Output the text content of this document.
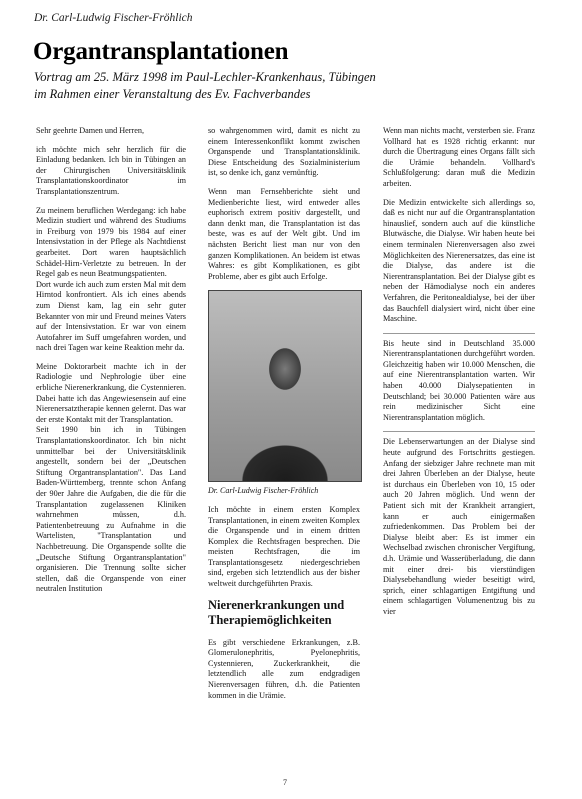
Dr. Carl-Ludwig Fischer-Fröhlich
Organtransplantationen
Vortrag am 25. März 1998 im Paul-Lechler-Krankenhaus, Tübingen
im Rahmen einer Veranstaltung des Ev. Fachverbandes

Sehr geehrte Damen und Herren,

ich möchte mich sehr herzlich für die Einladung bedanken. Ich bin in Tübingen an der Chirurgischen Universitätsklinik Transplantationskoordinator im Transplantationszentrum.

Zu meinem beruflichen Werdegang: ich habe Medizin studiert und während des Studiums in Freiburg von 1979 bis 1984 auf einer Intensivstation in der Pflege als Nachtdienst gearbeitet. Dort waren hauptsächlich Schädel-Hirn-Verletzte zu betreuen. In der Regel gab es neun Beatmungspatienten.

Dort wurde ich auch zum ersten Mal mit dem Hirntod konfrontiert. Als ich eines abends zum Dienst kam, lag ein sehr guter Bekannter von mir und Freund meines Vaters auf der Intensivstation. Er war von einem Autofahrer im Suff umgefahren worden, und nach drei Tagen war keine Reaktion mehr da.

Meine Doktorarbeit machte ich in der Radiologie und Nephrologie über eine erbliche Nierenerkrankung, die Cystennieren. Dabei hatte ich das Angewiesensein auf eine Nierenersatztherapie kennen gelernt. Das war der erste Kontakt mit der Transplantation.

Seit 1990 bin ich in Tübingen Transplantationskoordinator. Ich bin nicht unmittelbar bei der Universitätsklinik angestellt, sondern bei der „Deutschen Stiftung Organtransplantation". Das Land Baden-Württemberg, trennte schon Anfang der 90er Jahre die Aufgaben, die die für die Transplantation zugelassenen Kliniken wahrnehmen müssen, d.h. Patientenbetreuung zu Aufnahme in die Wartelisten, "Transplantation und Nachbetreuung. Die Organspende sollte die „Deutsche Stiftung Organtransplantation" organisieren. Die Trennung sollte sicher stellen, daß die Organspende von einer neutralen Institution

so wahrgenommen wird, damit es nicht zu einem Interessenkonflikt kommt zwischen Organspende und Transplantationsklinik. Diese Entscheidung des Sozialministerium ist, so denke ich, ganz vernünftig.

Wenn man Fernsehberichte sieht und Medienberichte liest, wird entweder alles euphorisch extrem positiv dargestellt, und dann denkt man, die Transplantation ist das beste, was es auf der Welt gibt. Und im nächsten Bericht liest man nur von den ganzen Komplikationen. An beidem ist etwas Wahres: es gibt Komplikationen, es gibt Probleme, aber es gibt auch Erfolge.

Dr. Carl-Ludwig Fischer-Fröhlich

Ich möchte in einem ersten Komplex Transplantationen, in einem zweiten Komplex die Organspende und in einem dritten Komplex die Rechtsfragen besprechen. Die meisten Rechtsfragen, die im Transplantationsgesetz niedergeschrieben sind, ergeben sich letztendlich aus der bisher weltweit durchgeführten Praxis.

Nierenerkrankungen und Therapiemöglichkeiten

Es gibt verschiedene Erkrankungen, z.B. Glomerulonephritis, Pyelonephritis, Cystennieren, Zuckerkrankheit, die letztendlich alle zum endgradigen Nierenversagen führen, d.h. die Patienten kommen in die Urämie.

Wenn man nichts macht, versterben sie. Franz Vollhard hat es 1928 richtig erkannt: nur durch die Übertragung eines Organs fällt sich die Urämie behandeln. Vollhard's Schlußfolgerung: daran muß die Medizin arbeiten.

Die Medizin entwickelte sich allerdings so, daß es nicht nur auf die Organtransplantation hinauslief, sondern auch auf die künstliche Blutwäsche, die Dialyse. Wir haben heute bei einem terminalen Nierenversagen also zwei Möglichkeiten des Nierenersatzes, das eine ist die Dialyse, das andere ist die Nierentransplantation. Bei der Dialyse gibt es neben der Hämodialyse noch ein anderes Verfahren, die Peritonealdialyse, bei der über das Bauchfell dialysiert wird, nicht über eine Maschine.

Bis heute sind in Deutschland 35.000 Nierentransplantationen durchgeführt worden. Gleichzeitig haben wir 10.000 Menschen, die auf eine Nierentransplantation warten. Wir haben 40.000 Dialysepatienten in Deutschland; bei 30.000 Patienten wäre aus rein medizinischer Sicht eine Nierentransplantation möglich.

Die Lebenserwartungen an der Dialyse sind heute aufgrund des Fortschritts gestiegen. Anfang der siebziger Jahre rechnete man mit drei Jahren Überleben an der Dialyse, heute ist durchaus ein Überleben von 10, 15 oder auch 20 Jahren möglich. Und wenn der Patient sich mit der Krankheit arrangiert, kann er auch einigermaßen zufriedenkommen. Das Problem bei der Dialyse bleibt aber: Es ist immer ein Wechselbad zwischen chronischer Vergiftung, d.h. Urämie und Wasserüberladung, die dann mit einer drei- bis vierstündigen Dialysebehandlung wieder beseitigt wird, sprich, einer schlagartigen Entgiftung und einem schlagartigen Volumenentzug bis zu vier

7
